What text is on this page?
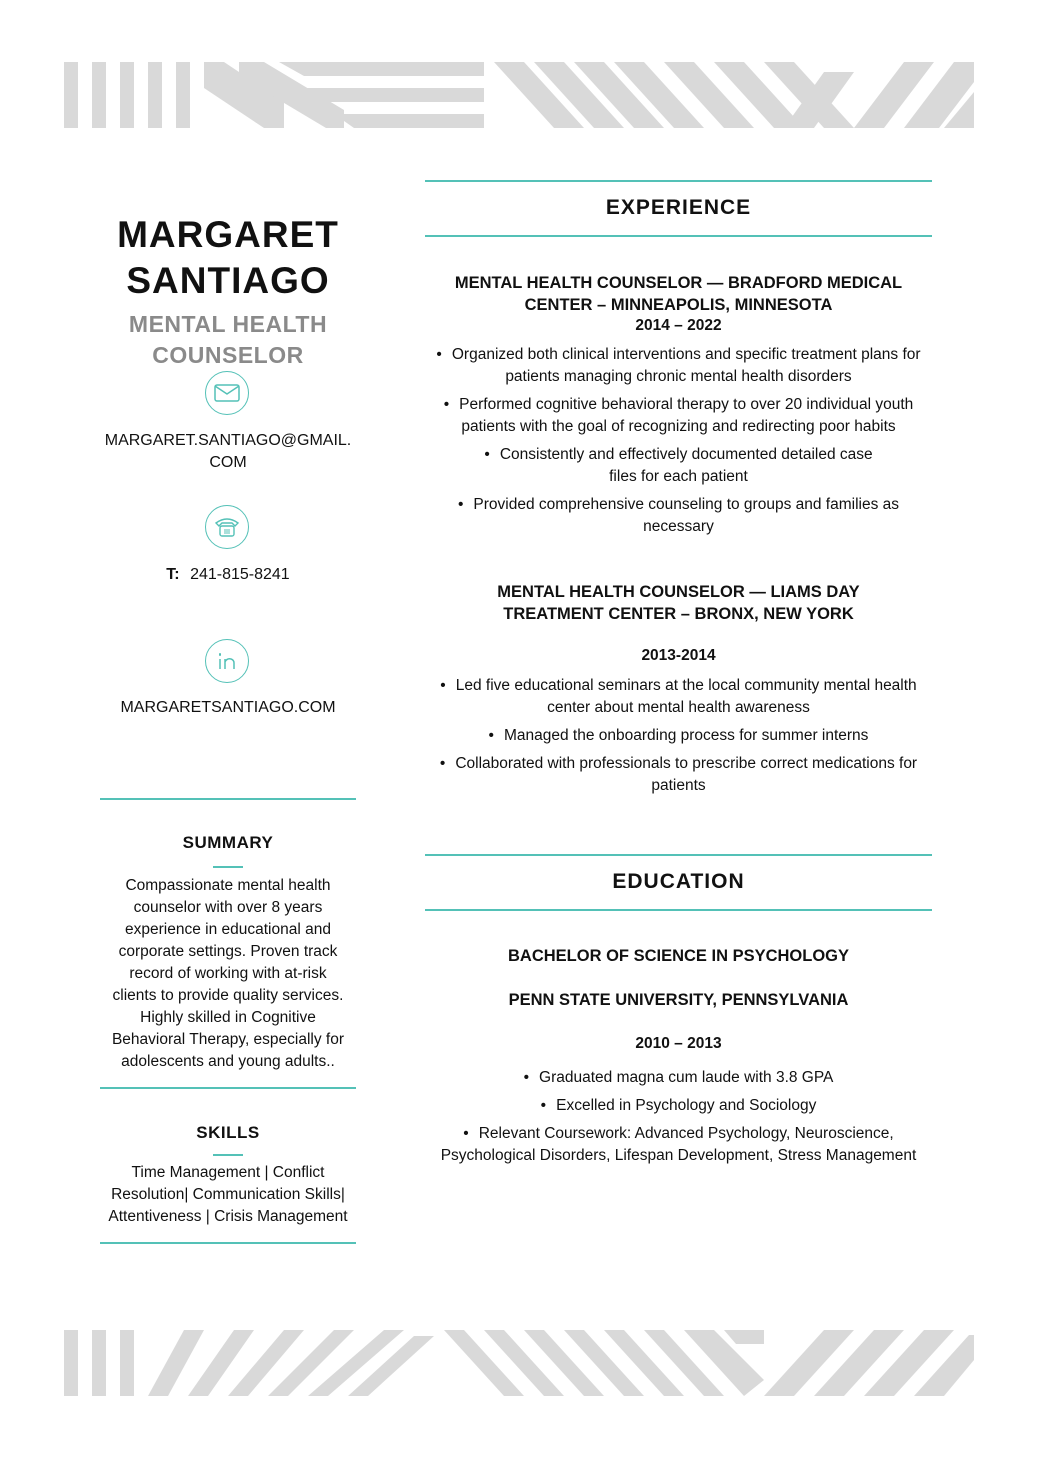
MARGARET
SANTIAGO
MENTAL HEALTH
COUNSELOR
MARGARET.SANTIAGO@GMAIL.
COM
T: 241-815-8241
MARGARETSANTIAGO.COM
SUMMARY
Compassionate mental health counselor with over 8 years experience in educational and corporate settings. Proven track record of working with at-risk clients to provide quality services. Highly skilled in Cognitive Behavioral Therapy, especially for adolescents and young adults..
SKILLS
Time Management | Conflict Resolution| Communication Skills| Attentiveness | Crisis Management
EXPERIENCE
MENTAL HEALTH COUNSELOR — BRADFORD MEDICAL CENTER – MINNEAPOLIS, MINNESOTA
2014 – 2022
• Organized both clinical interventions and specific treatment plans for patients managing chronic mental health disorders
• Performed cognitive behavioral therapy to over 20 individual youth patients with the goal of recognizing and redirecting poor habits
• Consistently and effectively documented detailed case files for each patient
• Provided comprehensive counseling to groups and families as necessary
MENTAL HEALTH COUNSELOR — LIAMS DAY TREATMENT CENTER – BRONX, NEW YORK
2013-2014
• Led five educational seminars at the local community mental health center about mental health awareness
• Managed the onboarding process for summer interns
• Collaborated with professionals to prescribe correct medications for patients
EDUCATION
BACHELOR OF SCIENCE IN PSYCHOLOGY
PENN STATE UNIVERSITY, PENNSYLVANIA
2010 – 2013
• Graduated magna cum laude with 3.8 GPA
• Excelled in Psychology and Sociology
• Relevant Coursework: Advanced Psychology, Neuroscience, Psychological Disorders, Lifespan Development, Stress Management
